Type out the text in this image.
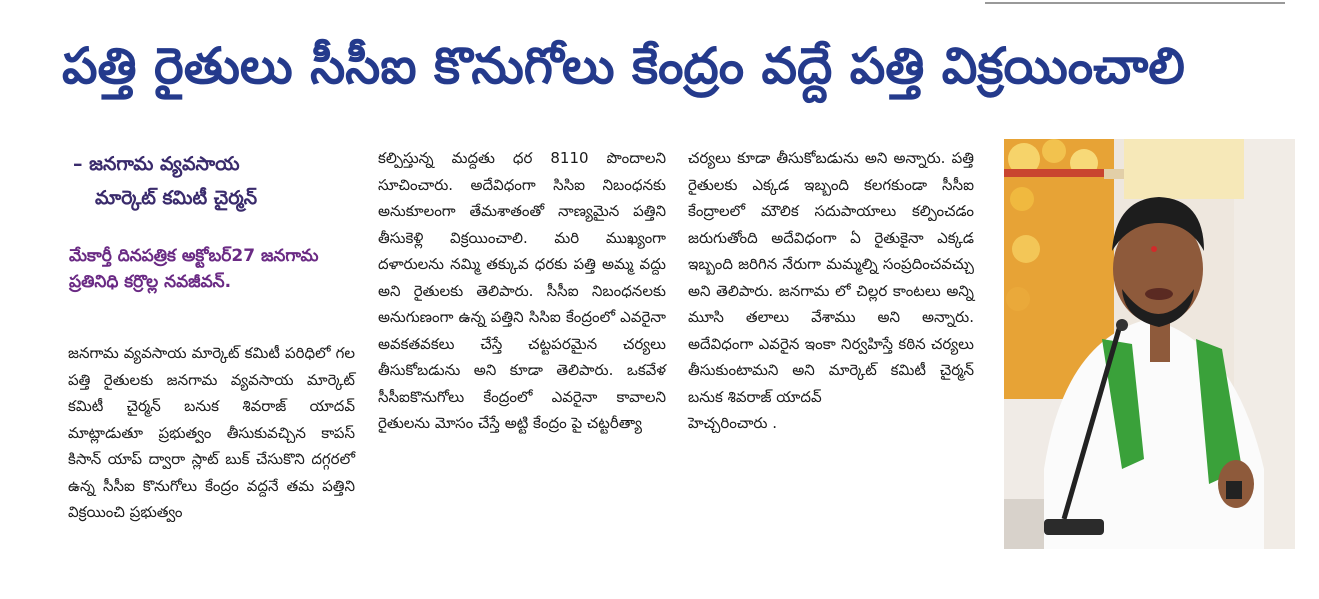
పత్తి రైతులు సీసీఐ కొనుగోలు కేంద్రం వద్దే పత్తి విక్రయించాలి
– జనగామ వ్యవసాయ
మార్కెట్ కమిటీ చైర్మన్
మేకార్తీ దినపత్రిక అక్టోబర్27 జనగామ ప్రతినిధి కర్రొల్ల నవజీవన్.

జనగామ వ్యవసాయ మార్కెట్ కమిటీ పరిధిలో గల పత్తి రైతులకు జనగామ వ్యవసాయ మార్కెట్ కమిటీ చైర్మన్ బనుక శివరాజ్ యాదవ్ మాట్లాడుతూ ప్రభుత్వం తీసుకువచ్చిన కాపస్ కిసాన్ యాప్ ద్వారా స్లాట్ బుక్ చేసుకొని దగ్గరలో ఉన్న సీసీఐ కొనుగోలు కేంద్రం వద్దనే తమ పత్తిని విక్రయించి ప్రభుత్వం

కల్పిస్తున్న మద్దతు ధర 8110 పొందాలని సూచించారు. అదేవిధంగా సిసిఐ నిబంధనకు అనుకూలంగా తేమశాతంతో నాణ్యమైన పత్తిని తీసుకెళ్లి విక్రయించాలి. మరి ముఖ్యంగా దళారులను నమ్మి తక్కువ ధరకు పత్తి అమ్మ వద్దు అని రైతులకు తెలిపారు. సీసీఐ నిబంధనలకు అనుగుణంగా ఉన్న పత్తిని సిసిఐ కేంద్రంలో ఎవరైనా అవకతవకలు చేస్తే చట్టపరమైన చర్యలు తీసుకోబడును అని కూడా తెలిపారు. ఒకవేళ సీసీఐకొనుగోలు కేంద్రంలో ఎవరైనా కావాలని రైతులను మోసం చేస్తే అట్టి కేంద్రం పై చట్టరీత్యా

చర్యలు కూడా తీసుకోబడును అని అన్నారు. పత్తి రైతులకు ఎక్కడ ఇబ్బంది కలగకుండా సీసీఐ కేంద్రాలలో మౌలిక సదుపాయాలు కల్పించడం జరుగుతోంది అదేవిధంగా ఏ రైతుకైనా ఎక్కడ ఇబ్బంది జరిగిన నేరుగా మమ్మల్ని సంప్రదించవచ్చు అని తెలిపారు. జనగామ లో చిల్లర కాంటలు అన్ని మూసి తలాలు వేశాము అని అన్నారు. అదేవిధంగా ఎవరైన ఇంకా నిర్వహిస్తే కఠిన చర్యలు తీసుకుంటామని అని మార్కెట్ కమిటీ చైర్మన్ బనుక శివరాజ్ యాదవ్

హెచ్చరించారు .
